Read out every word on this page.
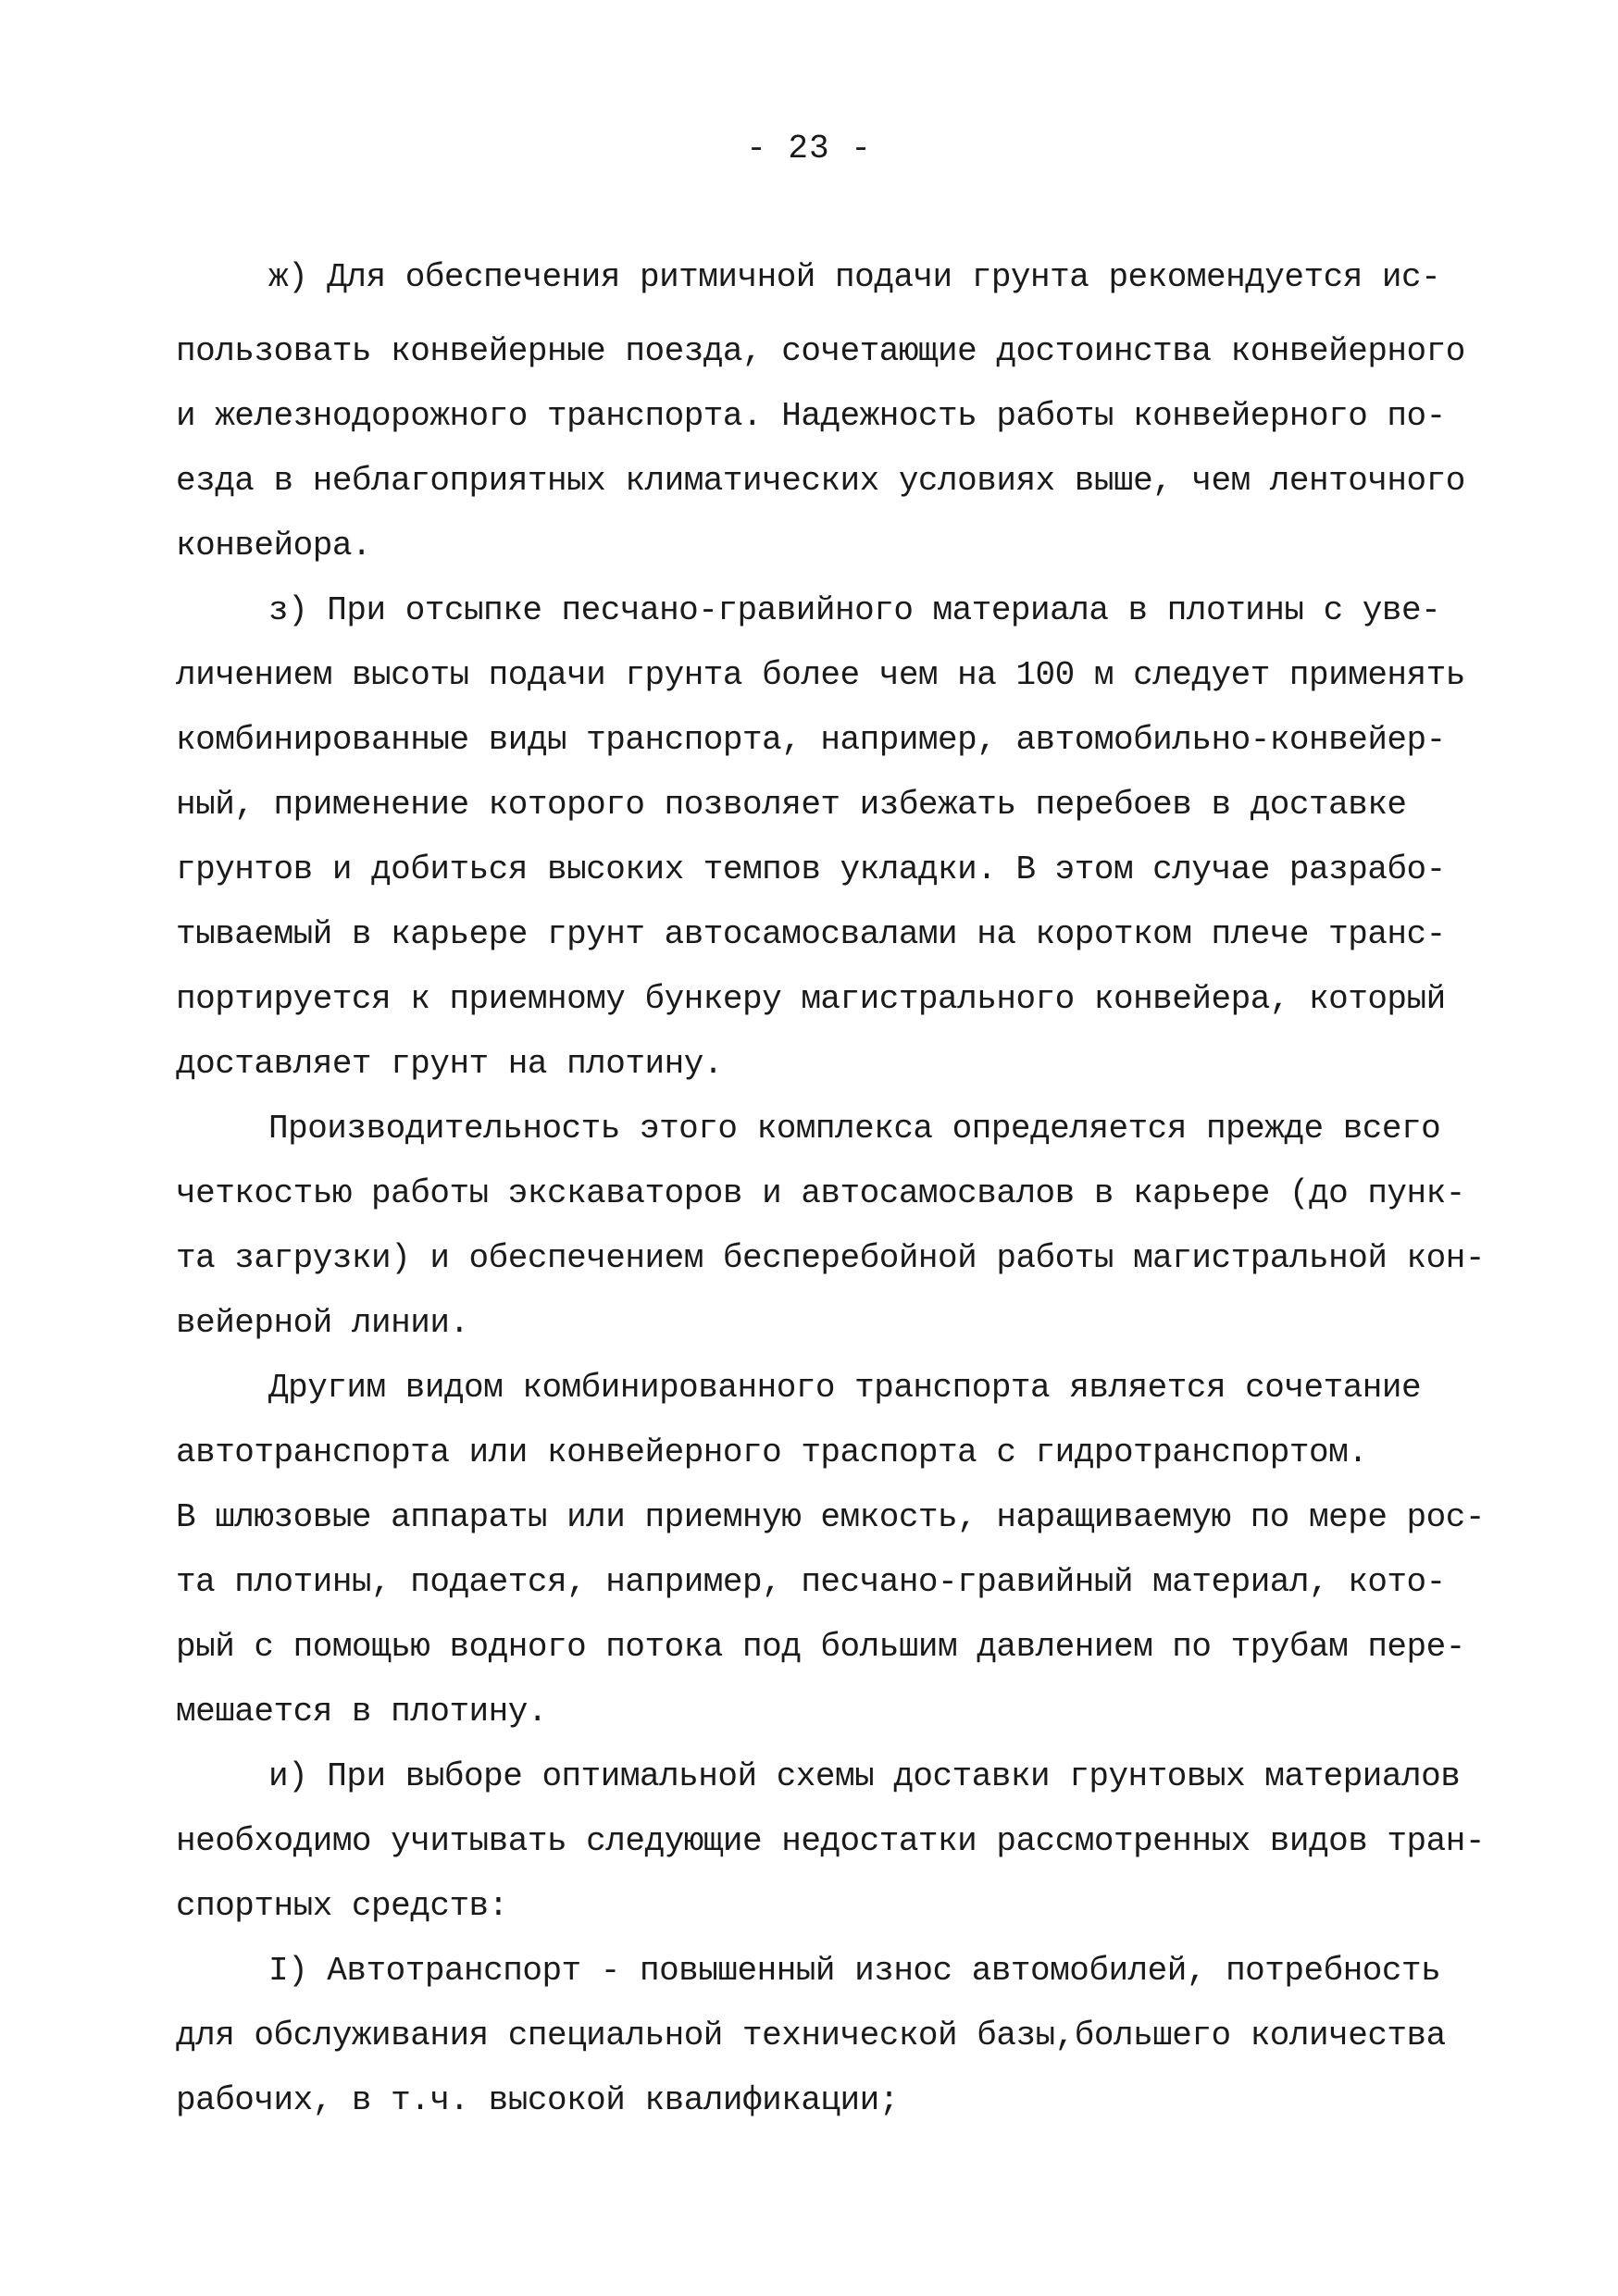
- 23 -
ж) Для обеспечения ритмичной подачи грунта рекомендуется ис-
пользовать конвейерные поезда, сочетающие достоинства конвейерного
и железнодорожного транспорта. Надежность работы конвейерного по-
езда в неблагоприятных климатических условиях выше, чем ленточного
конвейора.
з) При отсыпке песчано-гравийного материала в плотины с уве-
личением высоты подачи грунта более чем на 100 м следует применять
комбинированные виды транспорта, например, автомобильно-конвейер-
ный, применение которого позволяет избежать перебоев в доставке
грунтов и добиться высоких темпов укладки. В этом случае разрабо-
тываемый в карьере грунт автосамосвалами на коротком плече транс-
портируется к приемному бункеру магистрального конвейера, который
доставляет грунт на плотину.
Производительность этого комплекса определяется прежде всего
четкостью работы экскаваторов и автосамосвалов в карьере (до пунк-
та загрузки) и обеспечением бесперебойной работы магистральной кон-
вейерной линии.
Другим видом комбинированного транспорта является сочетание
автотранспорта или конвейерного траспорта с гидротранспортом.
В шлюзовые аппараты или приемную емкость, наращиваемую по мере рос-
та плотины, подается, например, песчано-гравийный материал, кото-
рый с помощью водного потока под большим давлением по трубам пере-
мешается в плотину.
и) При выборе оптимальной схемы доставки грунтовых материалов
необходимо учитывать следующие недостатки рассмотренных видов тран-
спортных средств:
I) Автотранспорт - повышенный износ автомобилей, потребность
для обслуживания специальной технической базы,большего количества
рабочих, в т.ч. высокой квалификации;
